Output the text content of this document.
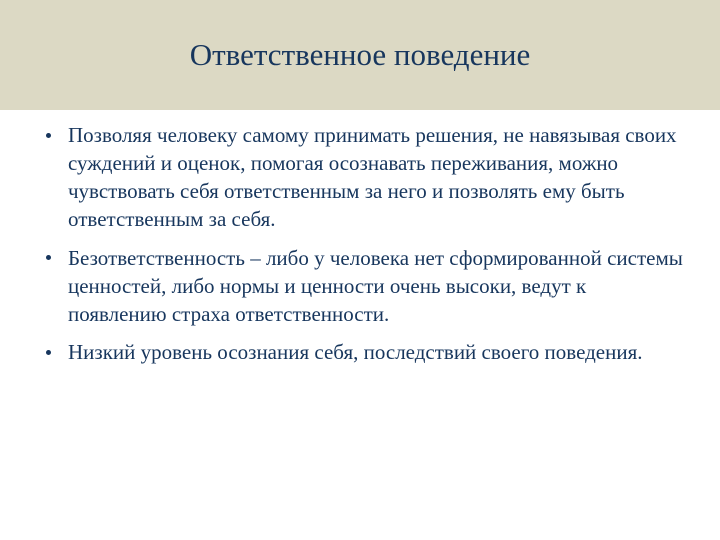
Ответственное поведение
Позволяя человеку самому принимать решения, не навязывая своих суждений и оценок, помогая осознавать переживания, можно чувствовать себя ответственным за него и позволять ему быть ответственным за себя.
Безответственность – либо у человека нет сформированной системы ценностей, либо нормы и ценности очень высоки, ведут к появлению страха ответственности.
Низкий уровень осознания себя, последствий своего поведения.
